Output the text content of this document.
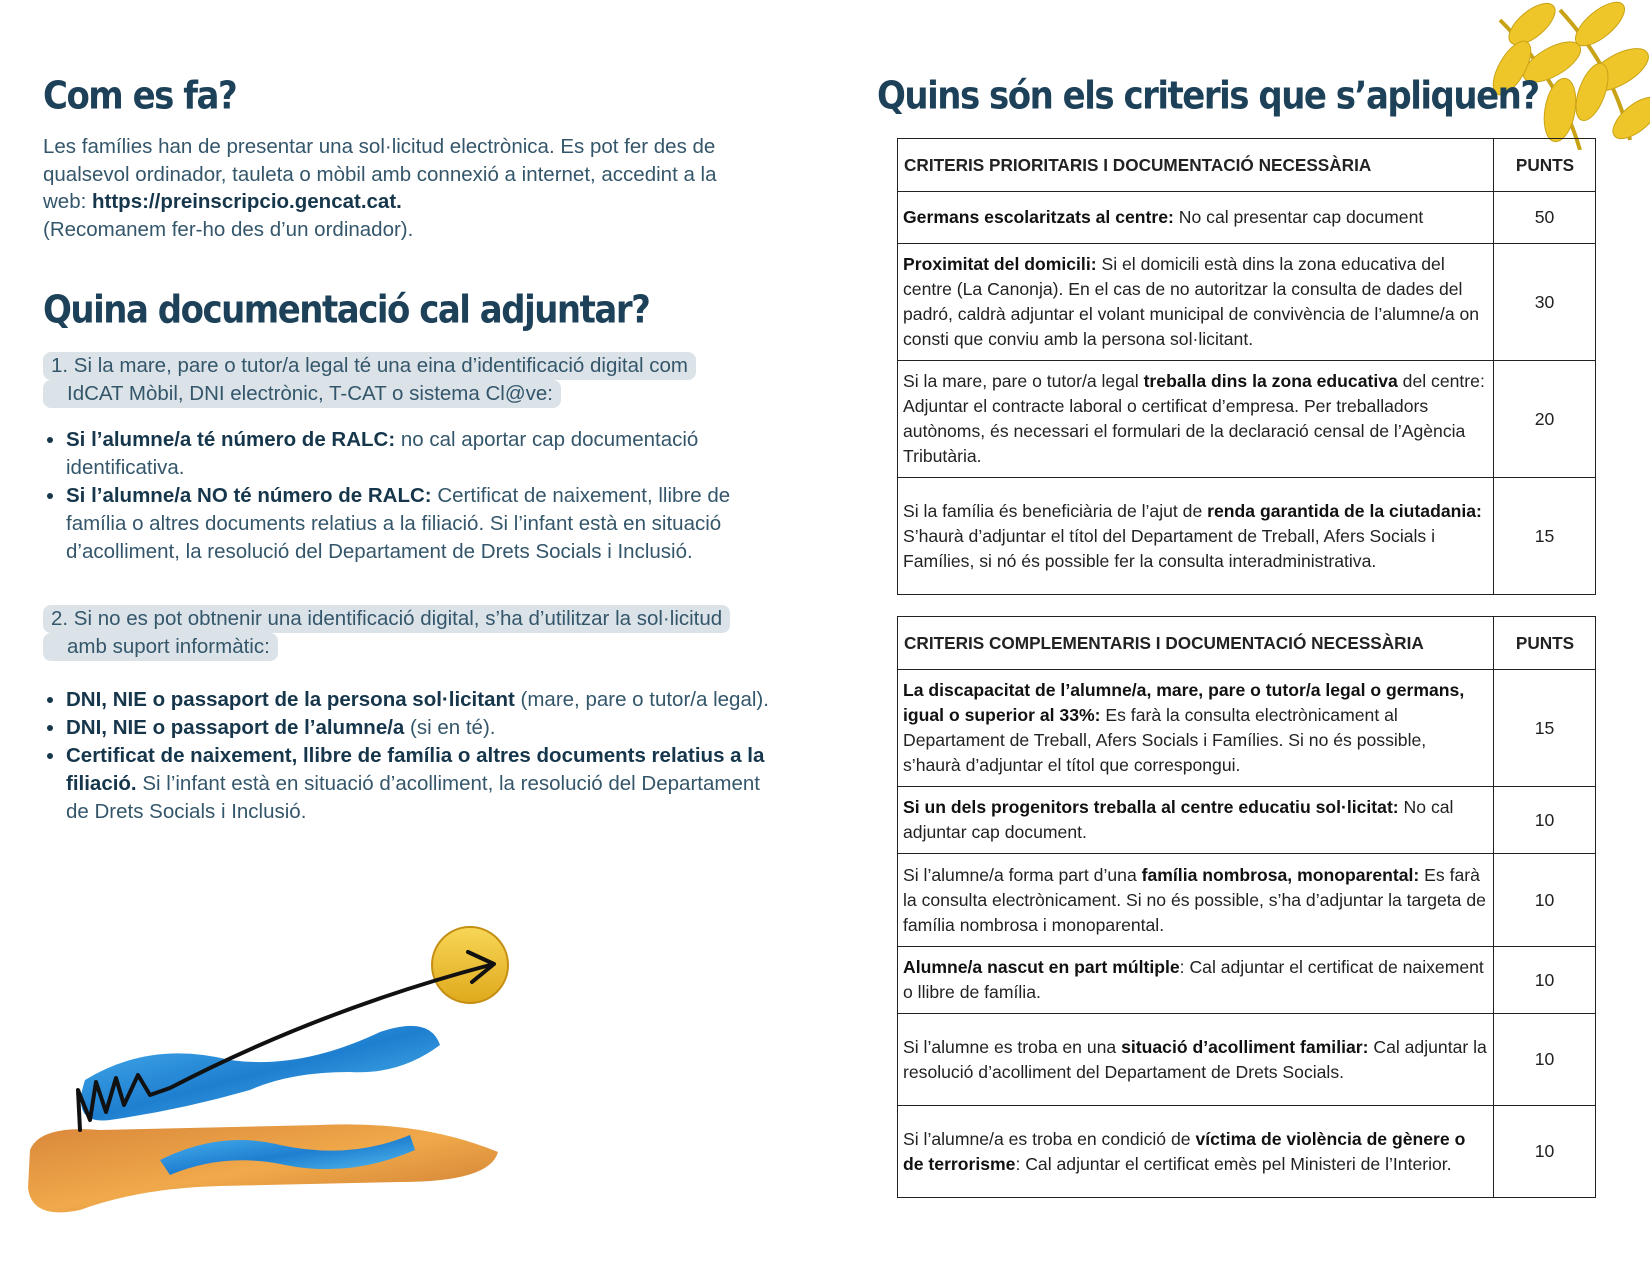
Com es fa?
Les famílies han de presentar una sol·licitud electrònica. Es pot fer des de qualsevol ordinador, tauleta o mòbil amb connexió a internet, accedint a la web: https://preinscripcio.gencat.cat.
(Recomanem fer-ho des d’un ordinador).
Quina documentació cal adjuntar?
1. Si la mare, pare o tutor/a legal té una eina d’identificació digital com
IdCAT Mòbil, DNI electrònic, T-CAT o sistema Cl@ve:
• Si l’alumne/a té número de RALC: no cal aportar cap documentació identificativa.
• Si l’alumne/a NO té número de RALC: Certificat de naixement, llibre de família o altres documents relatius a la filiació. Si l’infant està en situació d’acolliment, la resolució del Departament de Drets Socials i Inclusió.
2. Si no es pot obtnenir una identificació digital, s’ha d’utilitzar la sol·licitud
amb suport informàtic:
• DNI, NIE o passaport de la persona sol·licitant (mare, pare o tutor/a legal).
• DNI, NIE o passaport de l’alumne/a (si en té).
• Certificat de naixement, llibre de família o altres documents relatius a la filiació. Si l’infant està en situació d’acolliment, la resolució del Departament de Drets Socials i Inclusió.
Quins són els criteris que s’apliquen?
CRITERIS PRIORITARIS I DOCUMENTACIÓ NECESSÀRIA	PUNTS
Germans escolaritzats al centre: No cal presentar cap document	50
Proximitat del domicili: Si el domicili està dins la zona educativa del centre (La Canonja). En el cas de no autoritzar la consulta de dades del padró, caldrà adjuntar el volant municipal de convivència de l’alumne/a on consti que conviu amb la persona sol·licitant.	30
Si la mare, pare o tutor/a legal treballa dins la zona educativa del centre: Adjuntar el contracte laboral o certificat d’empresa. Per treballadors autònoms, és necessari el formulari de la declaració censal de l’Agència Tributària.	20
Si la família és beneficiària de l’ajut de renda garantida de la ciutadania: S’haurà d’adjuntar el títol del Departament de Treball, Afers Socials i Famílies, si nó és possible fer la consulta interadministrativa.	15
CRITERIS COMPLEMENTARIS I DOCUMENTACIÓ NECESSÀRIA	PUNTS
La discapacitat de l’alumne/a, mare, pare o tutor/a legal o germans, igual o superior al 33%: Es farà la consulta electrònicament al Departament de Treball, Afers Socials i Famílies. Si no és possible, s’haurà d’adjuntar el títol que correspongui.	15
Si un dels progenitors treballa al centre educatiu sol·licitat: No cal adjuntar cap document.	10
Si l’alumne/a forma part d’una família nombrosa, monoparental: Es farà la consulta electrònicament. Si no és possible, s’ha d’adjuntar la targeta de família nombrosa i monoparental.	10
Alumne/a nascut en part múltiple: Cal adjuntar el certificat de naixement o llibre de família.	10
Si l’alumne es troba en una situació d’acolliment familiar: Cal adjuntar la resolució d’acolliment del Departament de Drets Socials.	10
Si l’alumne/a es troba en condició de víctima de violència de gènere o de terrorisme: Cal adjuntar el certificat emès pel Ministeri de l’Interior.	10
